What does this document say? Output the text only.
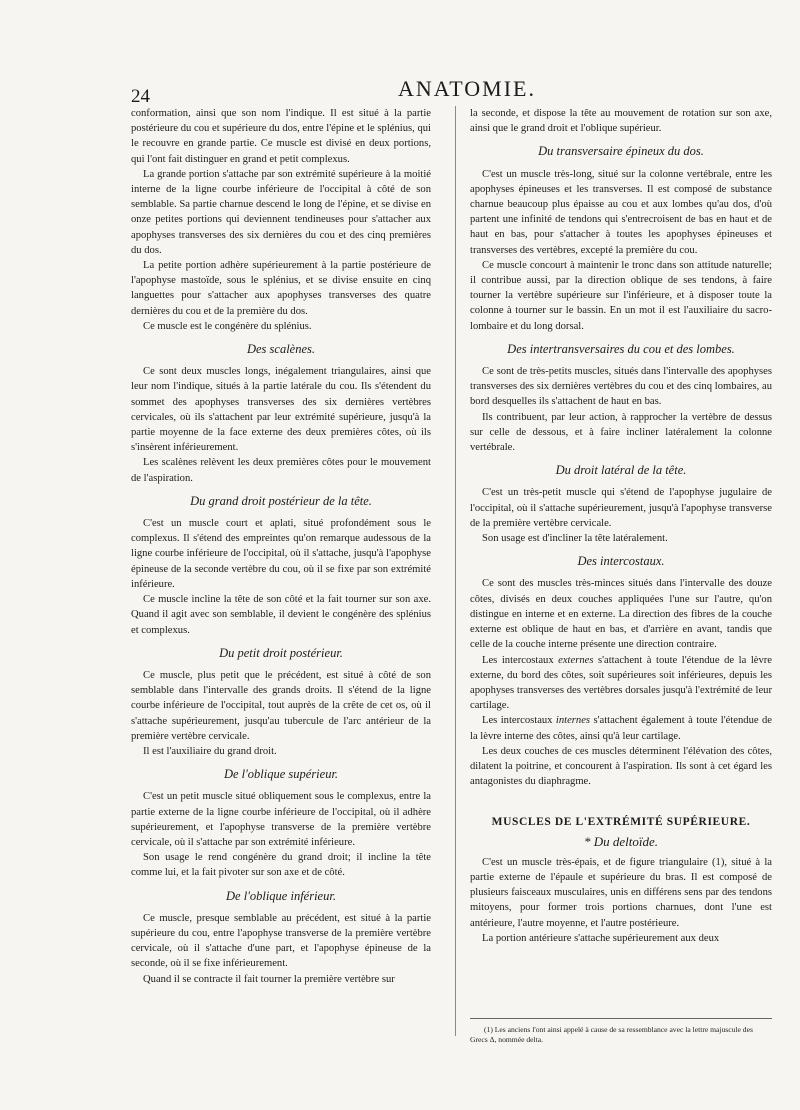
24	ANATOMIE.

conformation, ainsi que son nom l'indique. Il est situé à la partie postérieure du cou et supérieure du dos, entre l'épine et le splénius, qui le recouvre en grande partie. Ce muscle est divisé en deux portions, qui l'ont fait distinguer en grand et petit complexus.

La grande portion s'attache par son extrémité supérieure à la moitié interne de la ligne courbe inférieure de l'occipital à côté de son semblable. Sa partie charnue descend le long de l'épine, et se divise en onze petites portions qui deviennent tendineuses pour s'attacher aux apophyses transverses des six dernières du cou et des cinq premières du dos.

La petite portion adhère supérieurement à la partie postérieure de l'apophyse mastoïde, sous le splénius, et se divise ensuite en cinq languettes pour s'attacher aux apophyses transverses des quatre dernières du cou et de la première du dos.

Ce muscle est le congénère du splénius.

Des scalènes.

Ce sont deux muscles longs, inégalement triangulaires, ainsi que leur nom l'indique, situés à la partie latérale du cou. Ils s'étendent du sommet des apophyses transverses des six dernières vertèbres cervicales, où ils s'attachent par leur extrémité supérieure, jusqu'à la partie moyenne de la face externe des deux premières côtes, où ils s'insèrent inférieurement.

Les scalènes relèvent les deux premières côtes pour le mouvement de l'aspiration.

Du grand droit postérieur de la tête.

C'est un muscle court et aplati, situé profondément sous le complexus. Il s'étend des empreintes qu'on remarque audessous de la ligne courbe inférieure de l'occipital, où il s'attache, jusqu'à l'apophyse épineuse de la seconde vertèbre du cou, où il se fixe par son extrémité inférieure.

Ce muscle incline la tête de son côté et la fait tourner sur son axe. Quand il agit avec son semblable, il devient le congénère des splénius et complexus.

Du petit droit postérieur.

Ce muscle, plus petit que le précédent, est situé à côté de son semblable dans l'intervalle des grands droits. Il s'étend de la ligne courbe inférieure de l'occipital, tout auprès de la crête de cet os, où il s'attache supérieurement, jusqu'au tubercule de l'arc antérieur de la première vertèbre cervicale.

Il est l'auxiliaire du grand droit.

De l'oblique supérieur.

C'est un petit muscle situé obliquement sous le complexus, entre la partie externe de la ligne courbe inférieure de l'occipital, où il adhère supérieurement, et l'apophyse transverse de la première vertèbre cervicale, où il s'attache par son extrémité inférieure.

Son usage le rend congénère du grand droit; il incline la tête comme lui, et la fait pivoter sur son axe et de côté.

De l'oblique inférieur.

Ce muscle, presque semblable au précédent, est situé à la partie supérieure du cou, entre l'apophyse transverse de la première vertèbre cervicale, où il s'attache d'une part, et l'apophyse épineuse de la seconde, où il se fixe inférieurement.

Quand il se contracte il fait tourner la première vertèbre sur

la seconde, et dispose la tête au mouvement de rotation sur son axe, ainsi que le grand droit et l'oblique supérieur.

Du transversaire épineux du dos.

C'est un muscle très-long, situé sur la colonne vertébrale, entre les apophyses épineuses et les transverses. Il est composé de substance charnue beaucoup plus épaisse au cou et aux lombes qu'au dos, d'où partent une infinité de tendons qui s'entrecroisent de bas en haut et de haut en bas, pour s'attacher à toutes les apophyses épineuses et transverses des vertèbres, excepté la première du cou.

Ce muscle concourt à maintenir le tronc dans son attitude naturelle; il contribue aussi, par la direction oblique de ses tendons, à faire tourner la vertèbre supérieure sur l'inférieure, et à disposer toute la colonne à tourner sur le bassin. En un mot il est l'auxiliaire du sacro-lombaire et du long dorsal.

Des intertransversaires du cou et des lombes.

Ce sont de très-petits muscles, situés dans l'intervalle des apophyses transverses des six dernières vertèbres du cou et des cinq lombaires, au bord desquelles ils s'attachent de haut en bas.

Ils contribuent, par leur action, à rapprocher la vertèbre de dessus sur celle de dessous, et à faire incliner latéralement la colonne vertébrale.

Du droit latéral de la tête.

C'est un très-petit muscle qui s'étend de l'apophyse jugulaire de l'occipital, où il s'attache supérieurement, jusqu'à l'apophyse transverse de la première vertèbre cervicale.

Son usage est d'incliner la tête latéralement.

Des intercostaux.

Ce sont des muscles très-minces situés dans l'intervalle des douze côtes, divisés en deux couches appliquées l'une sur l'autre, qu'on distingue en interne et en externe. La direction des fibres de la couche externe est oblique de haut en bas, et d'arrière en avant, tandis que celle de la couche interne présente une direction contraire.

Les intercostaux externes s'attachent à toute l'étendue de la lèvre externe, du bord des côtes, soit supérieures soit inférieures, depuis les apophyses transverses des vertèbres dorsales jusqu'à l'extrémité de leur cartilage.

Les intercostaux internes s'attachent également à toute l'étendue de la lèvre interne des côtes, ainsi qu'à leur cartilage.

Les deux couches de ces muscles déterminent l'élévation des côtes, dilatent la poitrine, et concourent à l'aspiration. Ils sont à cet égard les antagonistes du diaphragme.

MUSCLES DE L'EXTRÉMITÉ SUPÉRIEURE.
* Du deltoïde.

C'est un muscle très-épais, et de figure triangulaire (1), situé à la partie externe de l'épaule et supérieure du bras. Il est composé de plusieurs faisceaux musculaires, unis en différens sens par des tendons mitoyens, pour former trois portions charnues, dont l'une est antérieure, l'autre moyenne, et l'autre postérieure.

La portion antérieure s'attache supérieurement aux deux

(1) Les anciens l'ont ainsi appelé à cause de sa ressemblance avec la lettre majuscule des Grecs Δ, nommée delta.
